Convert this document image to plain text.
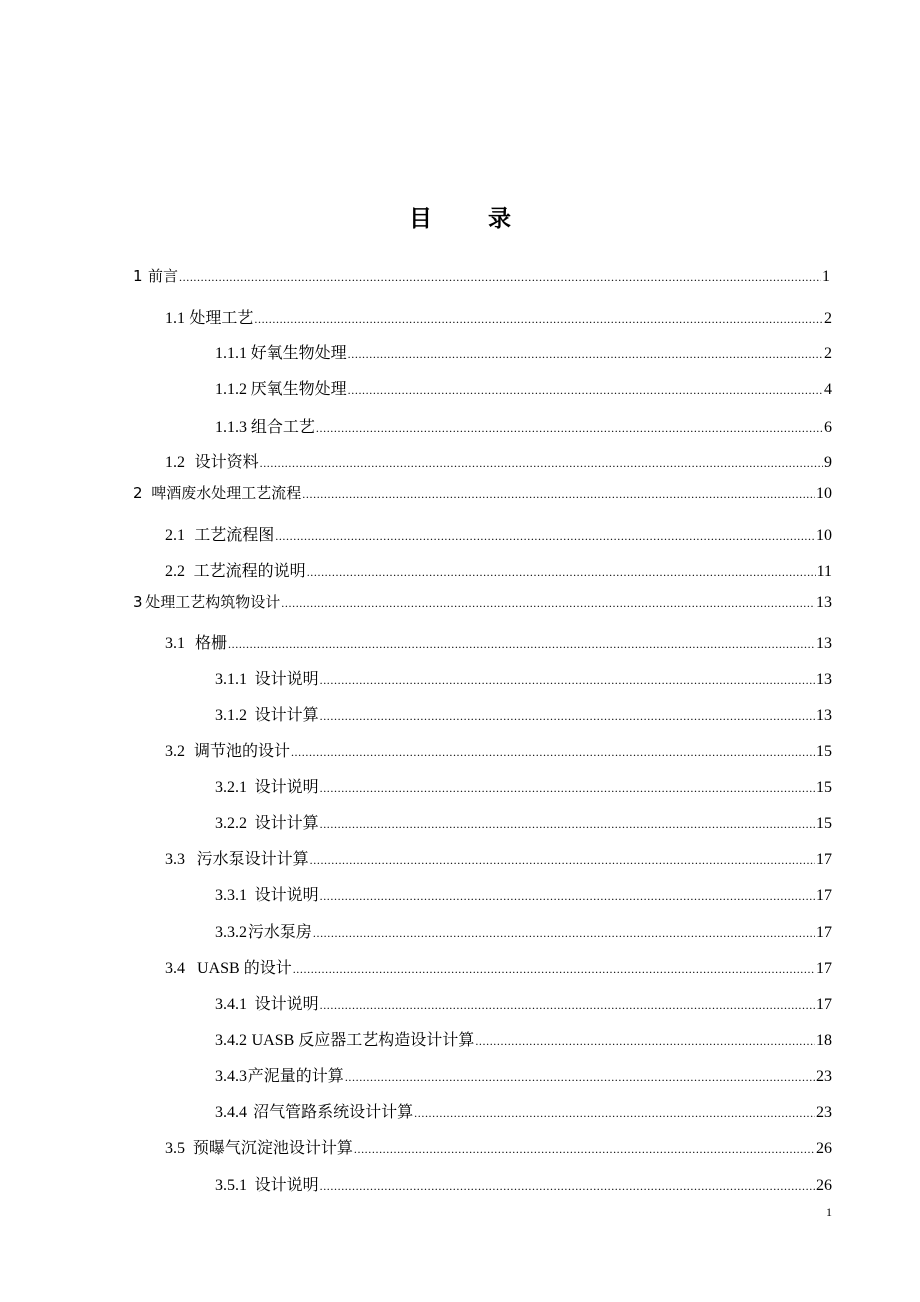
目 录
1 前言 .....	1
1.1 处理工艺 .....	2
1.1.1 好氧生物处理 .....	2
1.1.2 厌氧生物处理 .....	4
1.1.3 组合工艺 .....	6
1.2 设计资料 .....	9
2 啤酒废水处理工艺流程 .....	10
2.1 工艺流程图 .....	10
2.2 工艺流程的说明 .....	11
3 处理工艺构筑物设计 .....	13
3.1 格栅 .....	13
3.1.1 设计说明 .....	13
3.1.2 设计计算 .....	13
3.2 调节池的设计 .....	15
3.2.1 设计说明 .....	15
3.2.2 设计计算 .....	15
3.3 污水泵设计计算 .....	17
3.3.1 设计说明 .....	17
3.3.2 污水泵房 .....	17
3.4 UASB 的设计 .....	17
3.4.1 设计说明 .....	17
3.4.2 UASB 反应器工艺构造设计计算 .....	18
3.4.3 产泥量的计算 .....	23
3.4.4 沼气管路系统设计计算 .....	23
3.5 预曝气沉淀池设计计算 .....	26
3.5.1 设计说明 .....	26
1
